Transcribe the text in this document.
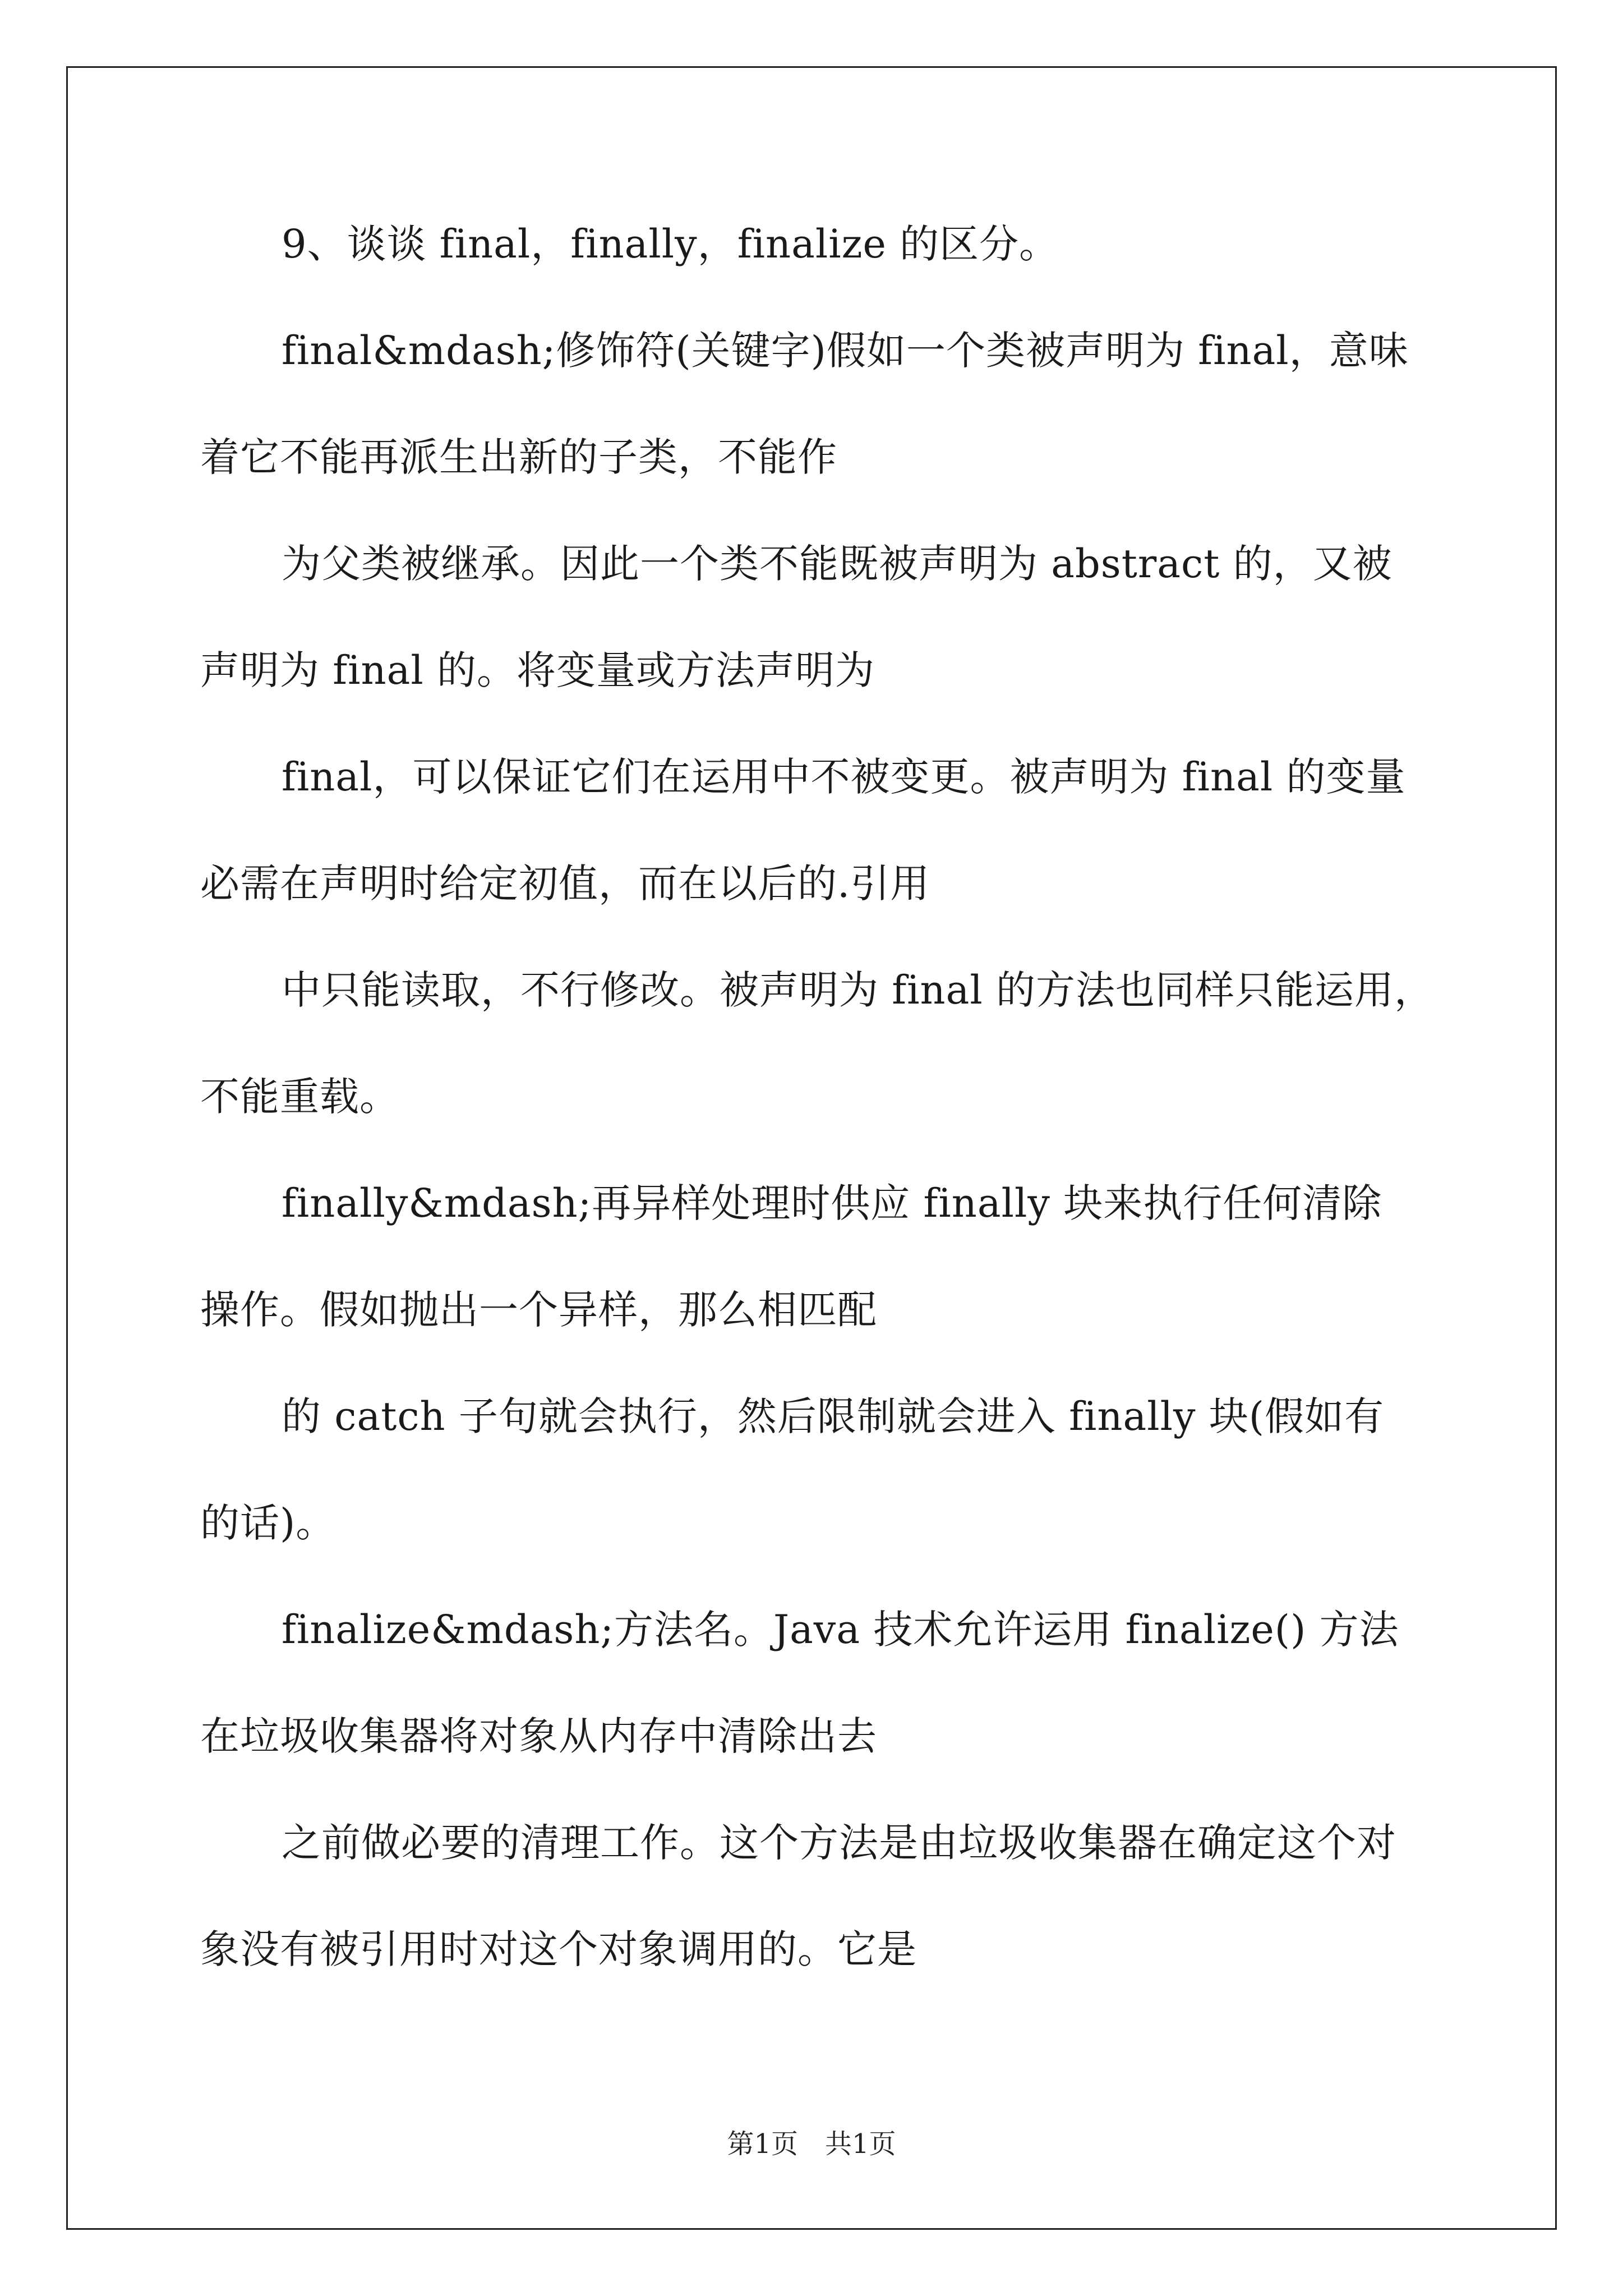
9、谈谈 final，finally，finalize 的区分。
final&mdash;修饰符(关键字)假如一个类被声明为 final，意味
着它不能再派生出新的子类，不能作
为父类被继承。因此一个类不能既被声明为 abstract 的，又被
声明为 final 的。将变量或方法声明为
final，可以保证它们在运用中不被变更。被声明为 final 的变量
必需在声明时给定初值，而在以后的.引用
中只能读取，不行修改。被声明为 final 的方法也同样只能运用，
不能重载。
finally&mdash;再异样处理时供应 finally 块来执行任何清除
操作。假如抛出一个异样，那么相匹配
的 catch 子句就会执行，然后限制就会进入 finally 块(假如有
的话)。
finalize&mdash;方法名。Java 技术允许运用 finalize() 方法
在垃圾收集器将对象从内存中清除出去
之前做必要的清理工作。这个方法是由垃圾收集器在确定这个对
象没有被引用时对这个对象调用的。它是
第1页　共1页
